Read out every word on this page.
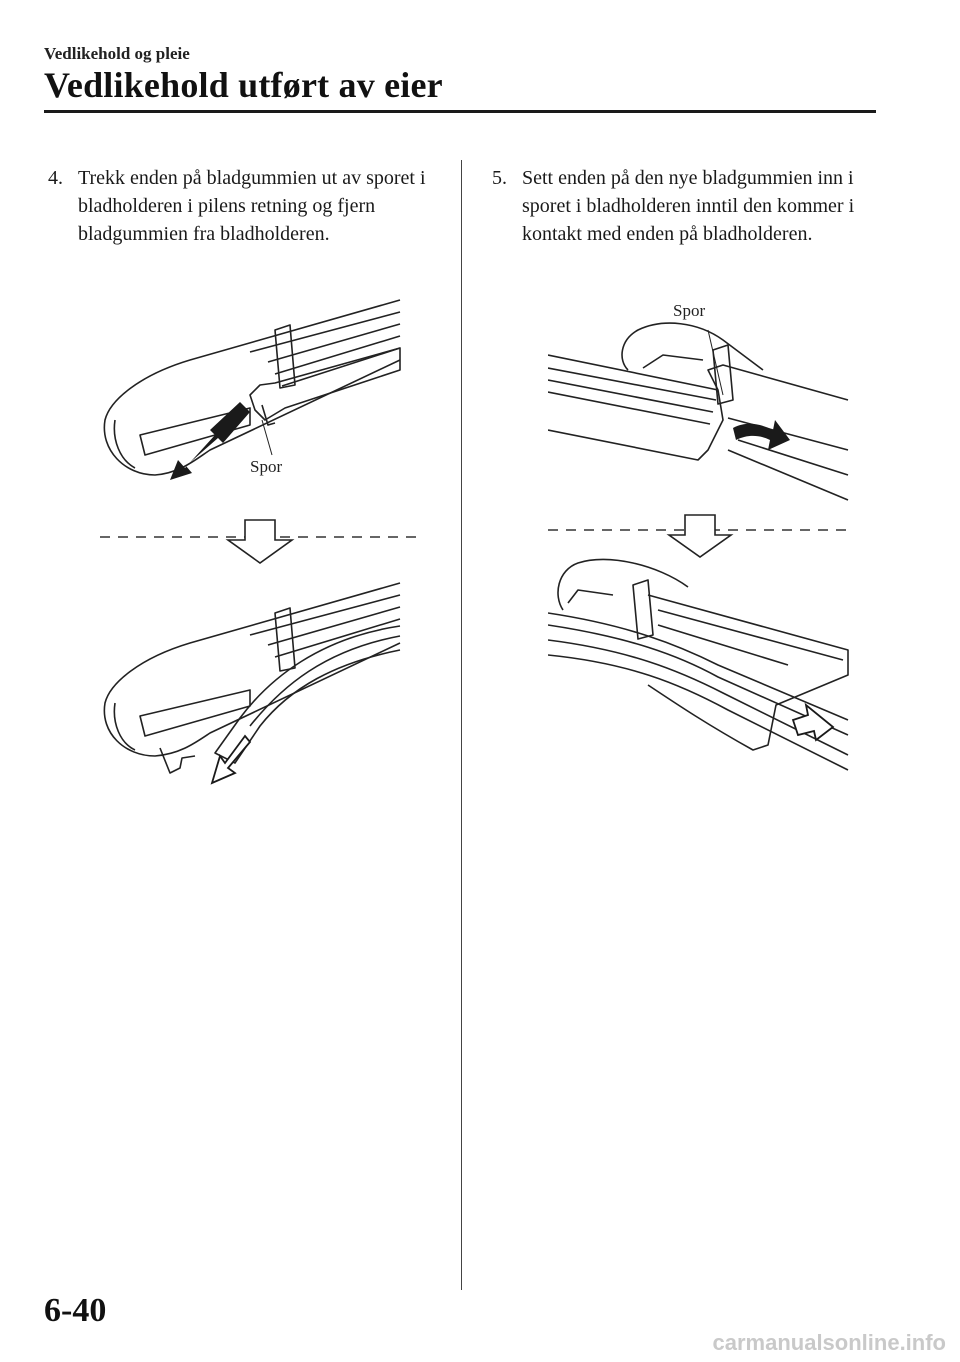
Vedlikehold og pleie
Vedlikehold utført av eier
4. Trekk enden på bladgummien ut av sporet i bladholderen i pilens retning og fjern bladgummien fra bladholderen.
5. Sett enden på den nye bladgummien inn i sporet i bladholderen inntil den kommer i kontakt med enden på bladholderen.
Spor
Spor
6-40
carmanualsonline.info
